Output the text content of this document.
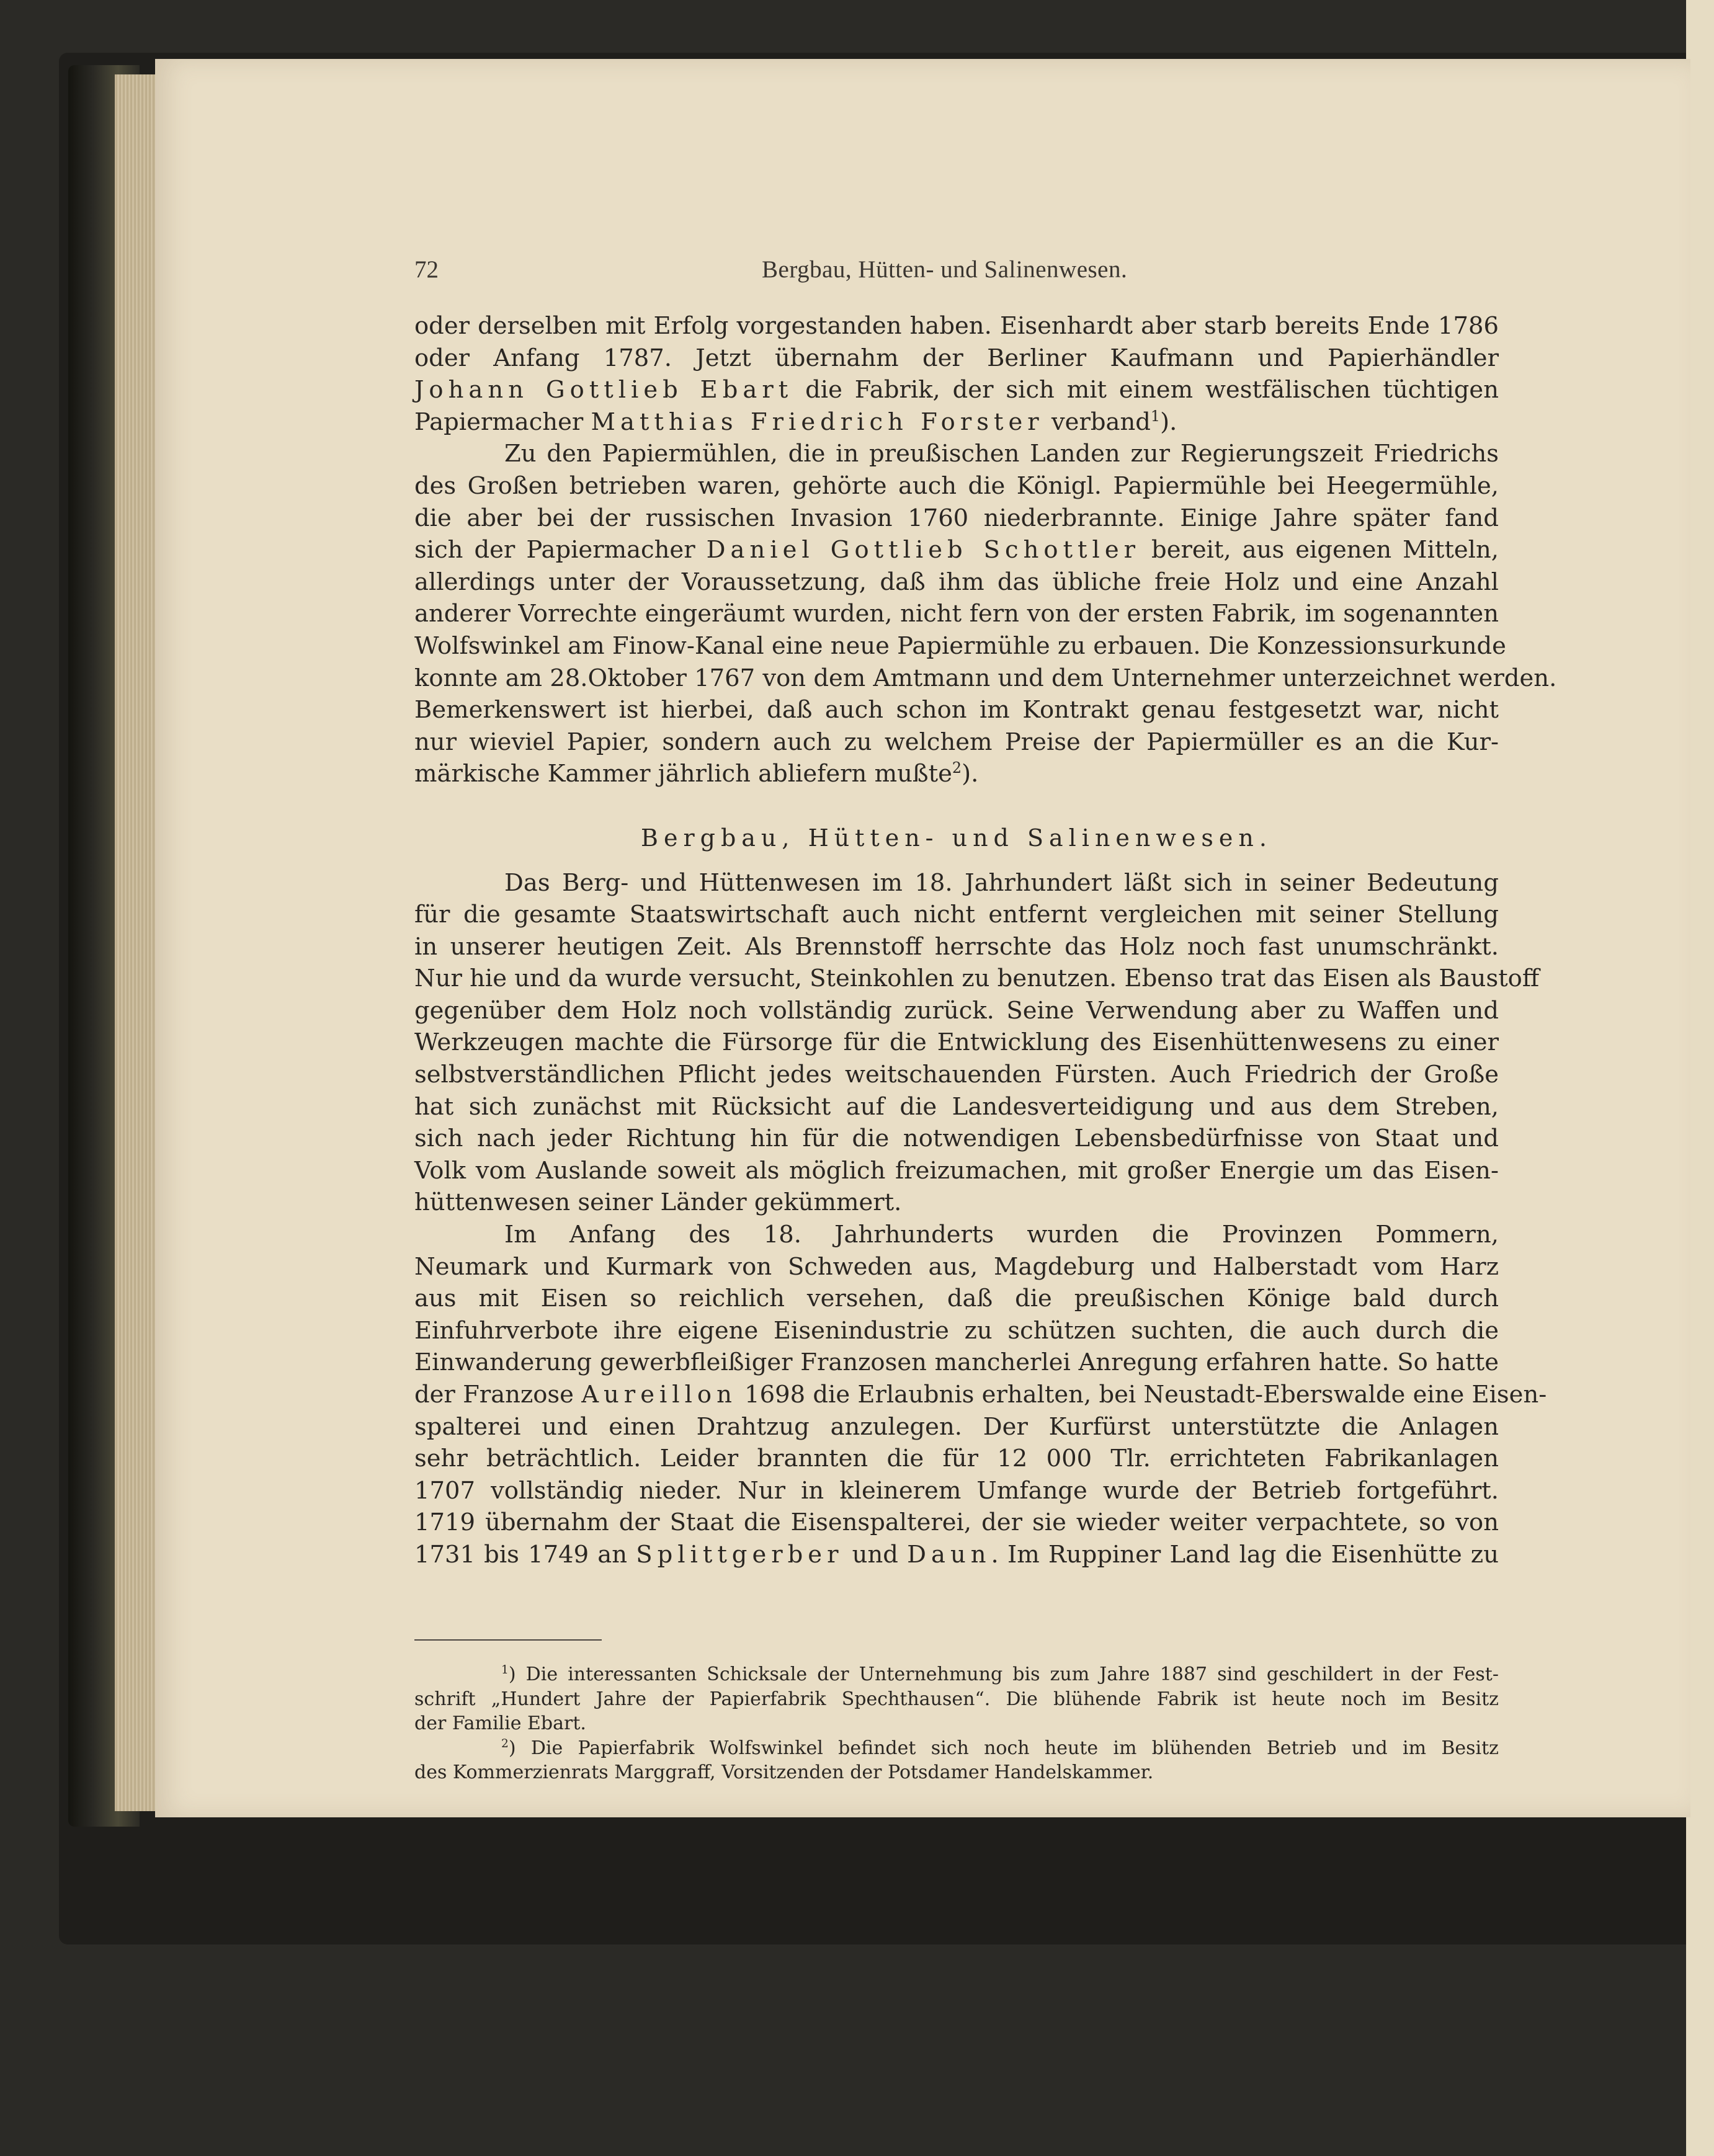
72	Bergbau, Hütten- und Salinenwesen.
oder derselben mit Erfolg vorgestanden haben. Eisenhardt aber starb bereits Ende 1786
oder Anfang 1787. Jetzt übernahm der Berliner Kaufmann und Papierhändler
Johann Gottlieb Ebart die Fabrik, der sich mit einem westfälischen tüchtigen
Papiermacher Matthias Friedrich Forster verband$^1$).
Zu den Papiermühlen, die in preußischen Landen zur Regierungszeit Friedrichs
des Großen betrieben waren, gehörte auch die Königl. Papiermühle bei Heegermühle,
die aber bei der russischen Invasion 1760 niederbrannte. Einige Jahre später fand
sich der Papiermacher Daniel Gottlieb Schottler bereit, aus eigenen Mitteln,
allerdings unter der Voraussetzung, daß ihm das übliche freie Holz und eine Anzahl
anderer Vorrechte eingeräumt wurden, nicht fern von der ersten Fabrik, im sogenannten
Wolfswinkel am Finow-Kanal eine neue Papiermühle zu erbauen. Die Konzessionsurkunde
konnte am 28.Oktober 1767 von dem Amtmann und dem Unternehmer unterzeichnet werden.
Bemerkenswert ist hierbei, daß auch schon im Kontrakt genau festgesetzt war, nicht
nur wieviel Papier, sondern auch zu welchem Preise der Papiermüller es an die Kur-
märkische Kammer jährlich abliefern mußte$^2$).
Bergbau, Hütten- und Salinenwesen.
Das Berg- und Hüttenwesen im 18. Jahrhundert läßt sich in seiner Bedeutung
für die gesamte Staatswirtschaft auch nicht entfernt vergleichen mit seiner Stellung
in unserer heutigen Zeit. Als Brennstoff herrschte das Holz noch fast unumschränkt.
Nur hie und da wurde versucht, Steinkohlen zu benutzen. Ebenso trat das Eisen als Baustoff
gegenüber dem Holz noch vollständig zurück. Seine Verwendung aber zu Waffen und
Werkzeugen machte die Fürsorge für die Entwicklung des Eisenhüttenwesens zu einer
selbstverständlichen Pflicht jedes weitschauenden Fürsten. Auch Friedrich der Große
hat sich zunächst mit Rücksicht auf die Landesverteidigung und aus dem Streben,
sich nach jeder Richtung hin für die notwendigen Lebensbedürfnisse von Staat und
Volk vom Auslande soweit als möglich freizumachen, mit großer Energie um das Eisen-
hüttenwesen seiner Länder gekümmert.
Im Anfang des 18. Jahrhunderts wurden die Provinzen Pommern,
Neumark und Kurmark von Schweden aus, Magdeburg und Halberstadt vom Harz
aus mit Eisen so reichlich versehen, daß die preußischen Könige bald durch
Einfuhrverbote ihre eigene Eisenindustrie zu schützen suchten, die auch durch die
Einwanderung gewerbfleißiger Franzosen mancherlei Anregung erfahren hatte. So hatte
der Franzose Aureillon 1698 die Erlaubnis erhalten, bei Neustadt-Eberswalde eine Eisen-
spalterei und einen Drahtzug anzulegen. Der Kurfürst unterstützte die Anlagen
sehr beträchtlich. Leider brannten die für 12 000 Tlr. errichteten Fabrikanlagen
1707 vollständig nieder. Nur in kleinerem Umfange wurde der Betrieb fortgeführt.
1719 übernahm der Staat die Eisenspalterei, der sie wieder weiter verpachtete, so von
1731 bis 1749 an Splittgerber und Daun. Im Ruppiner Land lag die Eisenhütte zu
$^1$) Die interessanten Schicksale der Unternehmung bis zum Jahre 1887 sind geschildert in der Fest-
schrift „Hundert Jahre der Papierfabrik Spechthausen“. Die blühende Fabrik ist heute noch im Besitz
der Familie Ebart.
$^2$) Die Papierfabrik Wolfswinkel befindet sich noch heute im blühenden Betrieb und im Besitz
des Kommerzienrats Marggraff, Vorsitzenden der Potsdamer Handelskammer.
